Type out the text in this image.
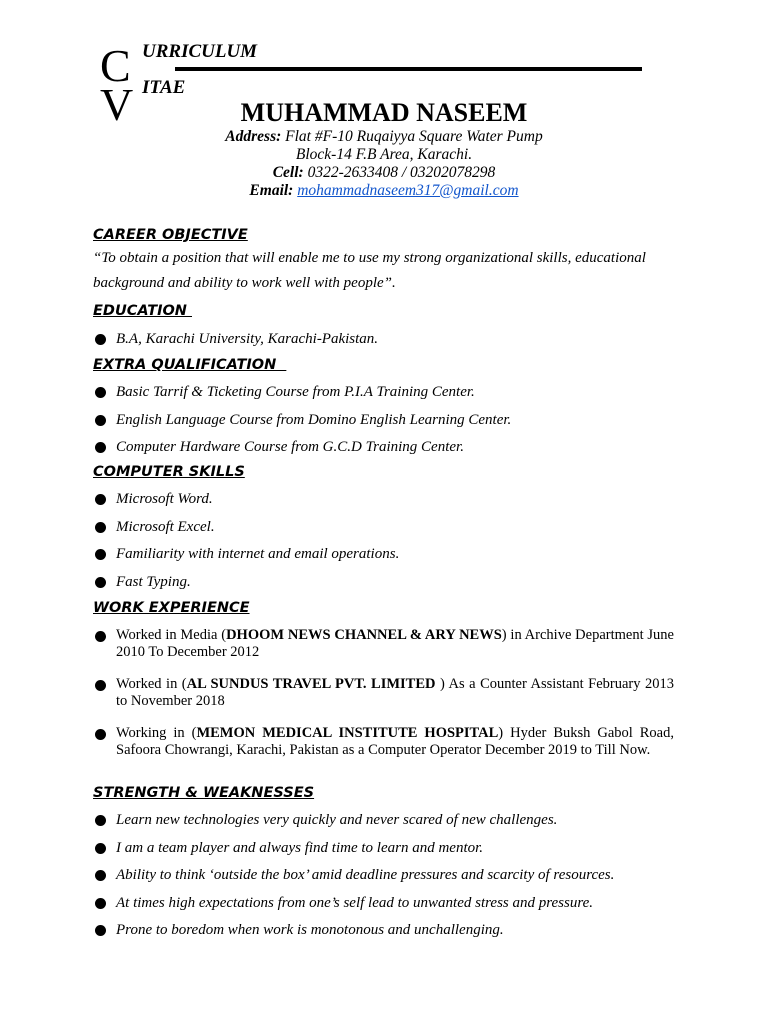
C URRICULUM
V ITAE
MUHAMMAD NASEEM
Address: Flat #F-10 Ruqaiyya Square Water Pump
Block-14 F.B Area, Karachi.
Cell: 0322-2633408 / 03202078298
Email: mohammadnaseem317@gmail.com
CAREER OBJECTIVE
“To obtain a position that will enable me to use my strong organizational skills, educational background and ability to work well with people”.
EDUCATION
B.A, Karachi University, Karachi-Pakistan.
EXTRA QUALIFICATION
Basic Tarrif & Ticketing Course from P.I.A Training Center.
English Language Course from Domino English Learning Center.
Computer Hardware Course from G.C.D Training Center.
COMPUTER SKILLS
Microsoft Word.
Microsoft Excel.
Familiarity with internet and email operations.
Fast Typing.
WORK EXPERIENCE
Worked in Media (DHOOM NEWS CHANNEL & ARY NEWS) in Archive Department June 2010 To December 2012
Worked in (AL SUNDUS TRAVEL PVT. LIMITED ) As a Counter Assistant February 2013 to November 2018
Working in (MEMON MEDICAL INSTITUTE HOSPITAL) Hyder Buksh Gabol Road, Safoora Chowrangi, Karachi, Pakistan as a Computer Operator December 2019 to Till Now.
STRENGTH & WEAKNESSES
Learn new technologies very quickly and never scared of new challenges.
I am a team player and always find time to learn and mentor.
Ability to think ‘outside the box’ amid deadline pressures and scarcity of resources.
At times high expectations from one’s self lead to unwanted stress and pressure.
Prone to boredom when work is monotonous and unchallenging.
